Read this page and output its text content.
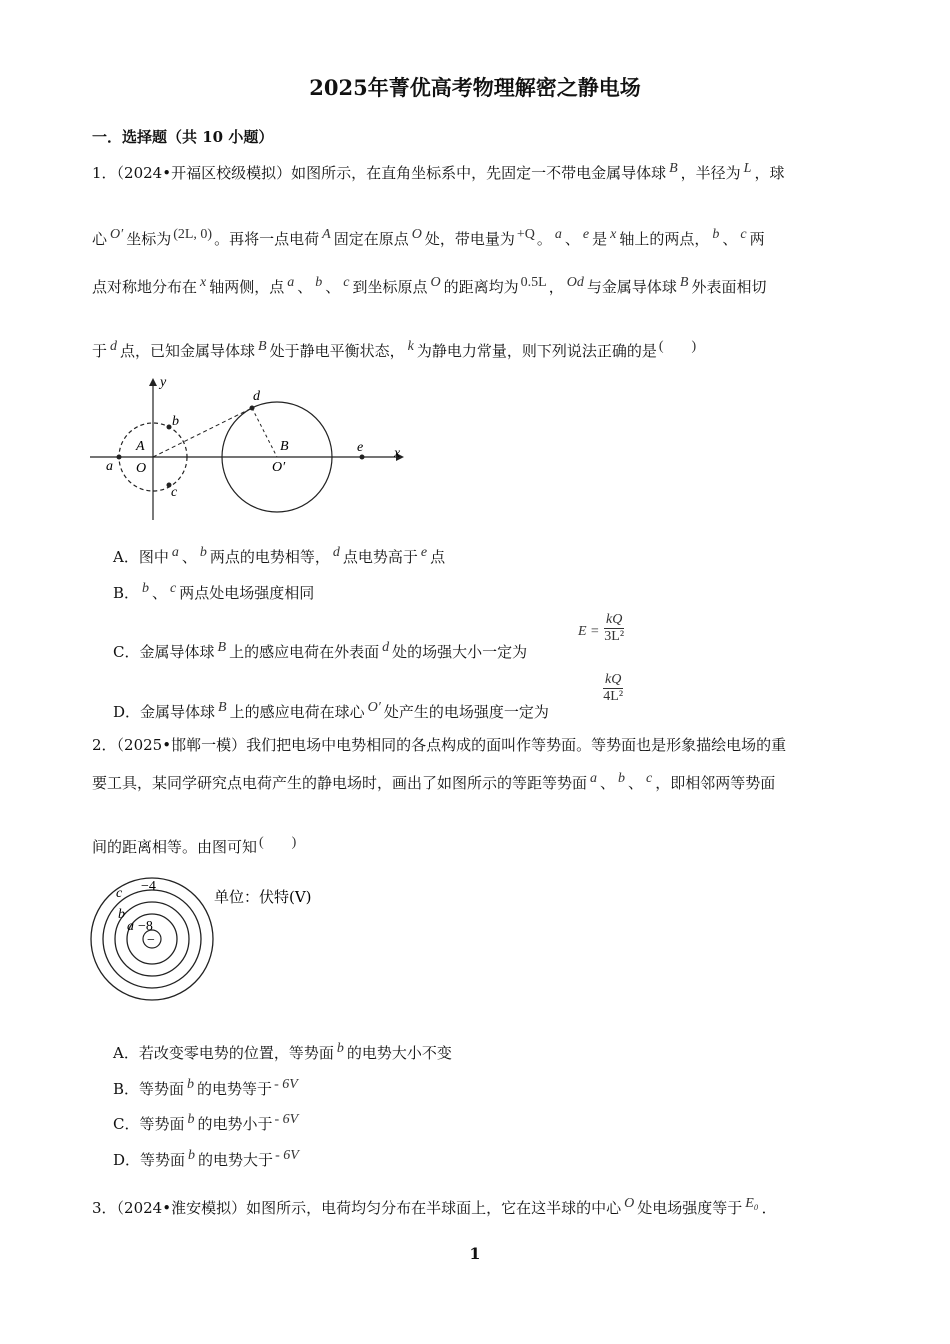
2025年菁优高考物理解密之静电场
一．选择题（共 10 小题）
1．（2024•开福区校级模拟）如图所示，在直角坐标系中，先固定一不带电金属导体球 B ，半径为 L ，球
心 O′ 坐标为 (2L, 0) 。再将一点电荷 A 固定在原点 O 处，带电量为 +Q 。 a 、 e 是 x 轴上的两点， b 、 c 两
点对称地分布在 x 轴两侧，点 a 、 b 、 c 到坐标原点 O 的距离均为 0.5L ， Od 与金属导体球 B 外表面相切
于 d 点，已知金属导体球 B 处于静电平衡状态， k 为静电力常量，则下列说法正确的是 (　　)
y
x
A
O
a
b
c
d
B
O′
e
A．图中 a 、 b 两点的电势相等， d 点电势高于 e 点
B． b 、 c 两点处电场强度相同
C．金属导体球 B 上的感应电荷在外表面 d 处的场强大小一定为
$E = \frac{kQ}{\text{3L²}}$
D．金属导体球 B 上的感应电荷在球心 O′ 处产生的电场强度一定为
$\frac{kQ}{\text{4L²}}$
2．（2025•邯郸一模）我们把电场中电势相同的各点构成的面叫作等势面。等势面也是形象描绘电场的重
要工具，某同学研究点电荷产生的静电场时，画出了如图所示的等距等势面 a 、 b 、 c ，即相邻两等势面
间的距离相等。由图可知 (　　)
−
c
b
a
−4
−8
单位：伏特(V)
A．若改变零电势的位置，等势面 b 的电势大小不变
B．等势面 b 的电势等于 - 6V
C．等势面 b 的电势小于 - 6V
D．等势面 b 的电势大于 - 6V
3．（2024•淮安模拟）如图所示，电荷均匀分布在半球面上，它在这半球的中心 O 处电场强度等于 E₀ ．
1
